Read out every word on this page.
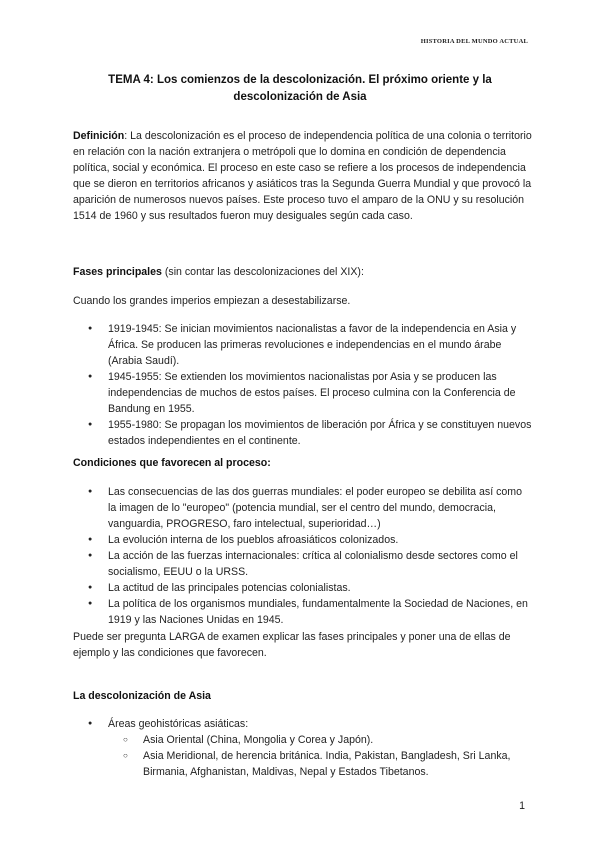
HISTORIA DEL MUNDO ACTUAL
TEMA 4: Los comienzos de la descolonización. El próximo oriente y la descolonización de Asia
Definición: La descolonización es el proceso de independencia política de una colonia o territorio en relación con la nación extranjera o metrópoli que lo domina en condición de dependencia política, social y económica. El proceso en este caso se refiere a los procesos de independencia que se dieron en territorios africanos y asiáticos tras la Segunda Guerra Mundial y que provocó la aparición de numerosos nuevos países. Este proceso tuvo el amparo de la ONU y su resolución 1514 de 1960 y sus resultados fueron muy desiguales según cada caso.
Fases principales (sin contar las descolonizaciones del XIX):
Cuando los grandes imperios empiezan a desestabilizarse.
● 1919-1945: Se inician movimientos nacionalistas a favor de la independencia en Asia y África. Se producen las primeras revoluciones e independencias en el mundo árabe (Arabia Saudí).
● 1945-1955: Se extienden los movimientos nacionalistas por Asia y se producen las independencias de muchos de estos países. El proceso culmina con la Conferencia de Bandung en 1955.
● 1955-1980: Se propagan los movimientos de liberación por África y se constituyen nuevos estados independientes en el continente.
Condiciones que favorecen al proceso:
● Las consecuencias de las dos guerras mundiales: el poder europeo se debilita así como la imagen de lo "europeo" (potencia mundial, ser el centro del mundo, democracia, vanguardia, PROGRESO, faro intelectual, superioridad…)
● La evolución interna de los pueblos afroasiáticos colonizados.
● La acción de las fuerzas internacionales: crítica al colonialismo desde sectores como el socialismo, EEUU o la URSS.
● La actitud de las principales potencias colonialistas.
● La política de los organismos mundiales, fundamentalmente la Sociedad de Naciones, en 1919 y las Naciones Unidas en 1945.
Puede ser pregunta LARGA de examen explicar las fases principales y poner una de ellas de ejemplo y las condiciones que favorecen.
La descolonización de Asia
● Áreas geohistóricas asiáticas:
○ Asia Oriental (China, Mongolia y Corea y Japón).
○ Asia Meridional, de herencia británica. India, Pakistan, Bangladesh, Sri Lanka, Birmania, Afghanistan, Maldivas, Nepal y Estados Tibetanos.
1
